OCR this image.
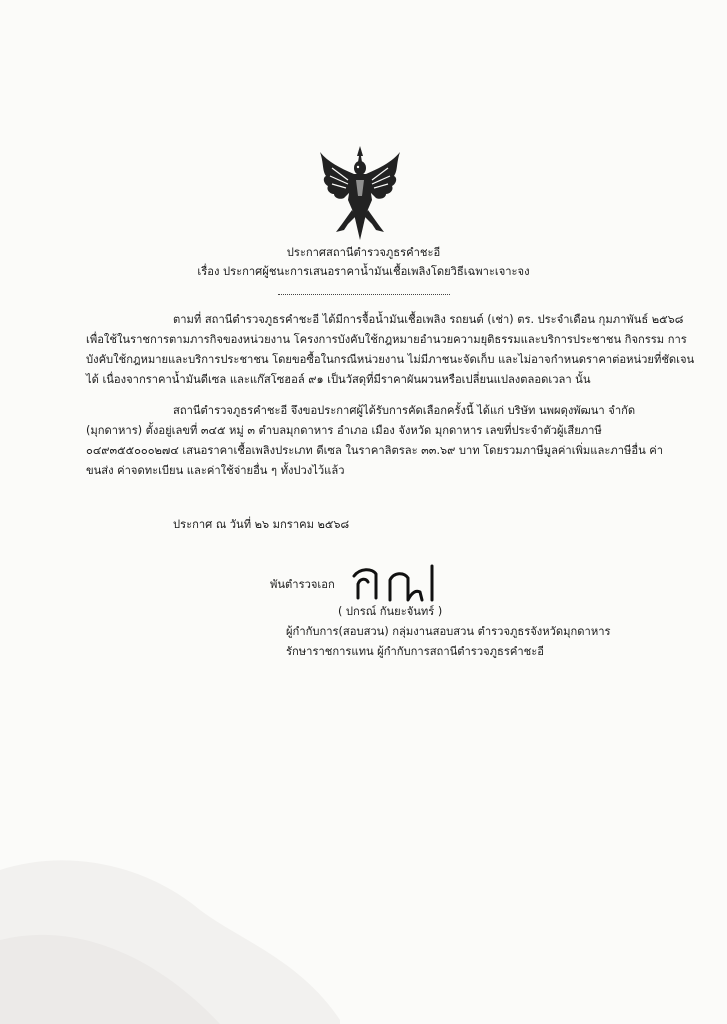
ประกาศสถานีตำรวจภูธรคำชะอี
เรื่อง ประกาศผู้ชนะการเสนอราคาน้ำมันเชื้อเพลิงโดยวิธีเฉพาะเจาะจง
ตามที่ สถานีตำรวจภูธรคำชะอี ได้มีการจื้อน้ำมันเชื้อเพลิง รถยนต์ (เช่า) ตร. ประจำเดือน กุมภาพันธ์ ๒๕๖๘
เพื่อใช้ในราชการตามภารกิจของหน่วยงาน โครงการบังคับใช้กฎหมายอำนวยความยุติธรรมและบริการประชาชน กิจกรรม การ
บังคับใช้กฎหมายและบริการประชาชน โดยขอซื้อในกรณีหน่วยงาน ไม่มีภาชนะจัดเก็บ และไม่อาจกำหนดราคาต่อหน่วยที่ชัดเจน
ได้ เนื่องจากราคาน้ำมันดีเซล และแก๊สโซฮอล์ ๙๑ เป็นวัสดุที่มีราคาผันผวนหรือเปลี่ยนแปลงตลอดเวลา นั้น
สถานีตำรวจภูธรคำชะอี จึงขอประกาศผู้ได้รับการคัดเลือกครั้งนี้ ได้แก่ บริษัท นพผดุงพัฒนา จำกัด
(มุกดาหาร) ตั้งอยู่เลขที่ ๓๔๕ หมู่ ๓ ตำบลมุกดาหาร อำเภอ เมือง จังหวัด มุกดาหาร เลขที่ประจำตัวผู้เสียภาษี
๐๔๙๓๕๕๐๐๐๒๗๔ เสนอราคาเชื้อเพลิงประเภท ดีเซล ในราคาลิตรละ ๓๓.๖๙ บาท โดยรวมภาษีมูลค่าเพิ่มและภาษีอื่น ค่า
ขนส่ง ค่าจดทะเบียน และค่าใช้จ่ายอื่น ๆ ทั้งปวงไว้แล้ว
ประกาศ ณ วันที่ ๒๖ มกราคม ๒๕๖๘
พันตำรวจเอก
( ปกรณ์ กันยะจันทร์ )
ผู้กำกับการ(สอบสวน) กลุ่มงานสอบสวน ตำรวจภูธรจังหวัดมุกดาหาร
รักษาราชการแทน ผู้กำกับการสถานีตำรวจภูธรคำชะอี
